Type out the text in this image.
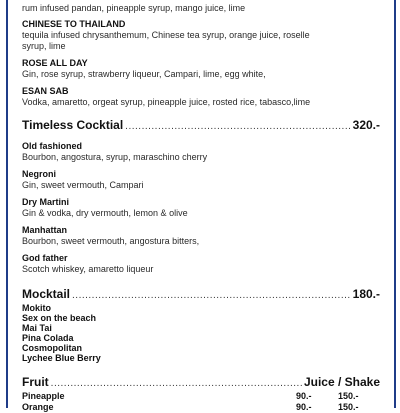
rum infused pandan, pineapple syrup, mango juice, lime
CHINESE TO THAILAND
tequila infused chrysanthemum, Chinese tea syrup, orange juice, roselle syrup, lime
ROSE ALL DAY
Gin, rose syrup, strawberry liqueur, Campari, lime, egg white,
ESAN SAB
Vodka, amaretto, orgeat syrup, pineapple juice, rosted rice, tabasco,lime
Timeless Cocktial .....	320.-
Old fashioned
Bourbon, angostura, syrup, maraschino cherry
Negroni
Gin, sweet vermouth, Campari
Dry Martini
Gin & vodka, dry vermouth, lemon & olive
Manhattan
Bourbon, sweet vermouth, angostura bitters,
God father
Scotch whiskey, amaretto liqueur
Mocktail .....	180.-
Mokito
Sex on the beach
Mai Tai
Pina Colada
Cosmopolitan
Lychee Blue Berry
Fruit .....	Juice / Shake
Pineapple	90.-	150.-
Orange	90.-	150.-
